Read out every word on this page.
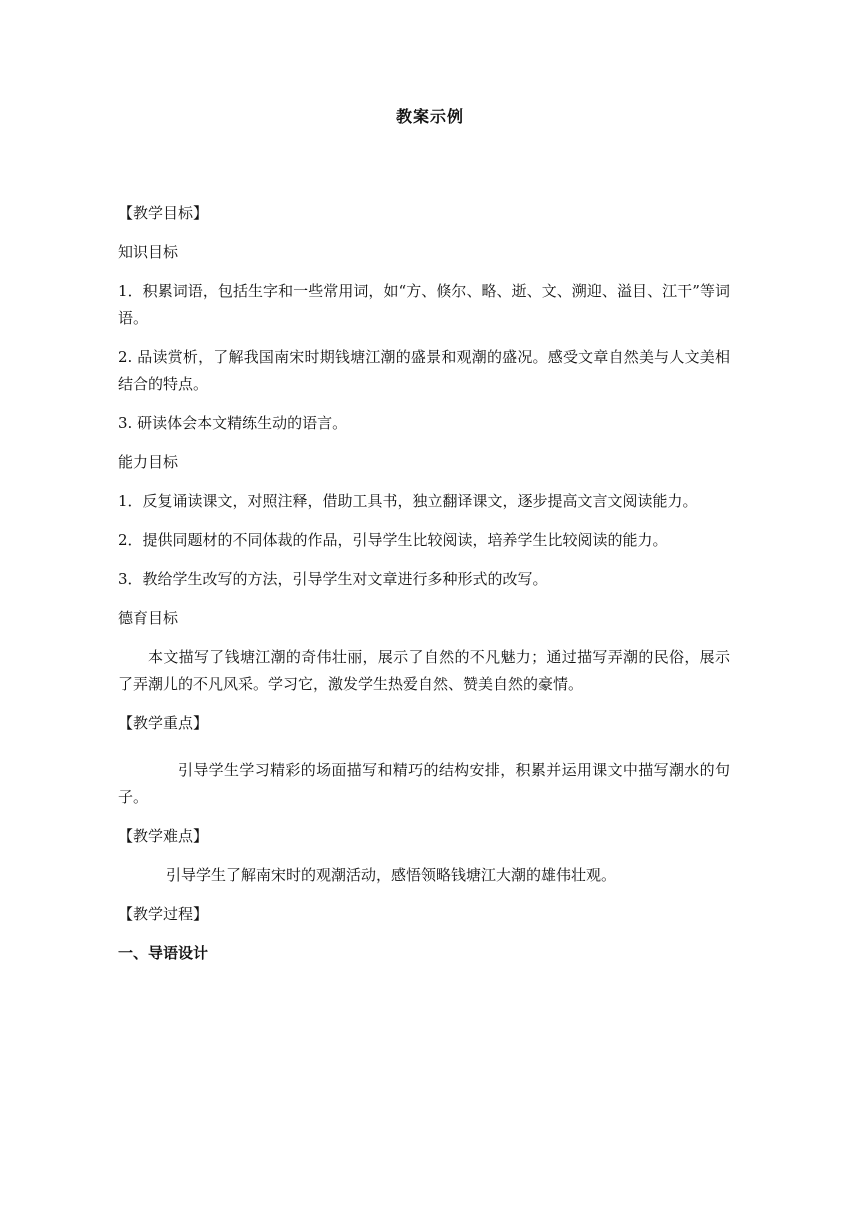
教案示例

【教学目标】

知识目标

1．积累词语，包括生字和一些常用词，如“方、倏尔、略、逝、文、溯迎、溢目、江干”等词语。

2. 品读赏析，了解我国南宋时期钱塘江潮的盛景和观潮的盛况。感受文章自然美与人文美相结合的特点。

3. 研读体会本文精练生动的语言。

能力目标

1．反复诵读课文，对照注释，借助工具书，独立翻译课文，逐步提高文言文阅读能力。

2．提供同题材的不同体裁的作品，引导学生比较阅读，培养学生比较阅读的能力。

3．教给学生改写的方法，引导学生对文章进行多种形式的改写。

德育目标

本文描写了钱塘江潮的奇伟壮丽，展示了自然的不凡魅力；通过描写弄潮的民俗，展示了弄潮儿的不凡风采。学习它，激发学生热爱自然、赞美自然的豪情。

【教学重点】

引导学生学习精彩的场面描写和精巧的结构安排，积累并运用课文中描写潮水的句子。

【教学难点】

引导学生了解南宋时的观潮活动，感悟领略钱塘江大潮的雄伟壮观。

【教学过程】

一、导语设计
